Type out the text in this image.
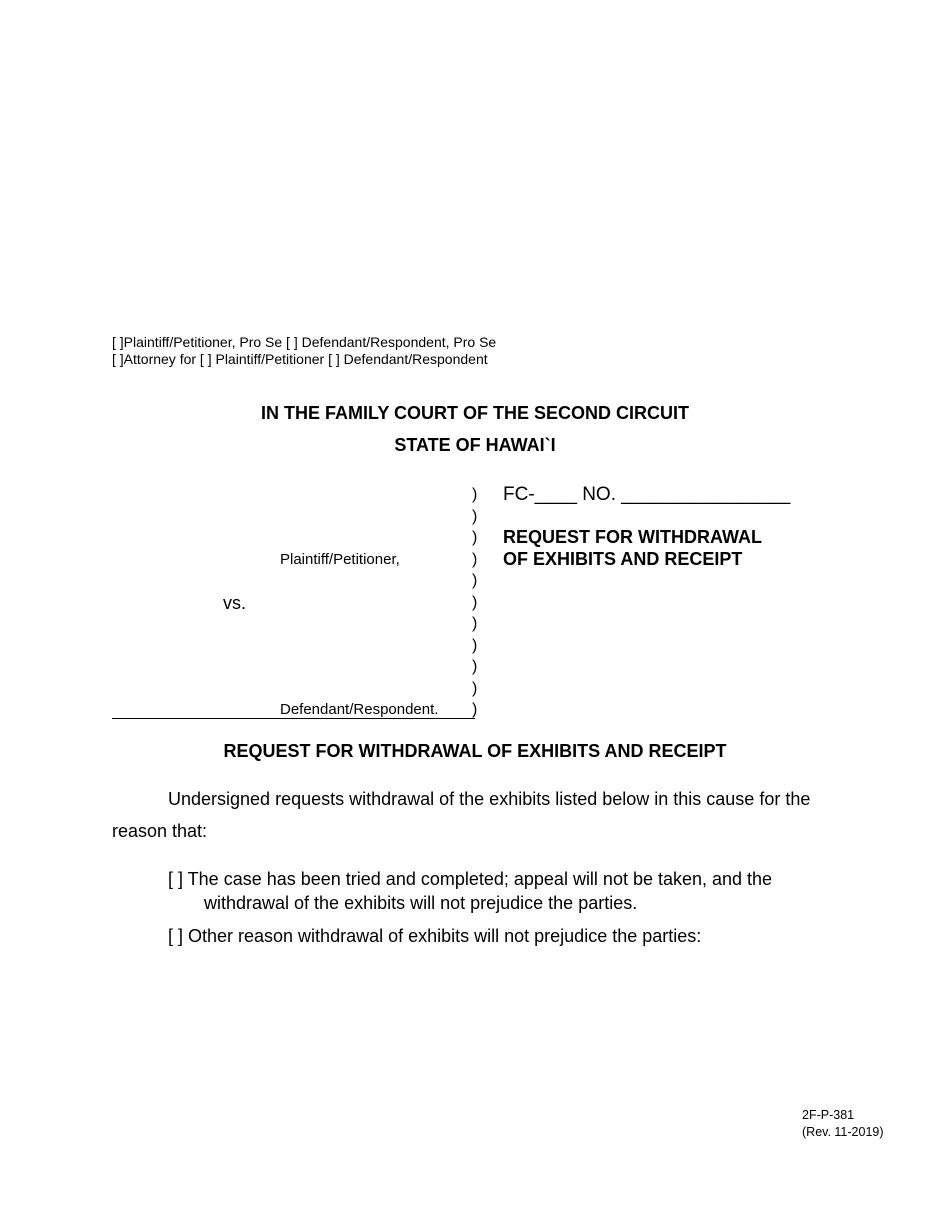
[ ]Plaintiff/Petitioner, Pro Se [ ] Defendant/Respondent, Pro Se
[ ]Attorney for [ ] Plaintiff/Petitioner [ ] Defendant/Respondent
IN THE FAMILY COURT OF THE SECOND CIRCUIT
STATE OF HAWAI`I
Plaintiff/Petitioner,
vs.
Defendant/Respondent.
)
)
)
)
)
)
)
)
)
)
)
FC-____ NO. ________________
REQUEST FOR WITHDRAWAL
OF EXHIBITS AND RECEIPT
REQUEST FOR WITHDRAWAL OF EXHIBITS AND RECEIPT
Undersigned requests withdrawal of the exhibits listed below in this cause for the
reason that:
[ ] The case has been tried and completed; appeal will not be taken, and the
withdrawal of the exhibits will not prejudice the parties.
[ ] Other reason withdrawal of exhibits will not prejudice the parties:
2F-P-381
(Rev. 11-2019)
